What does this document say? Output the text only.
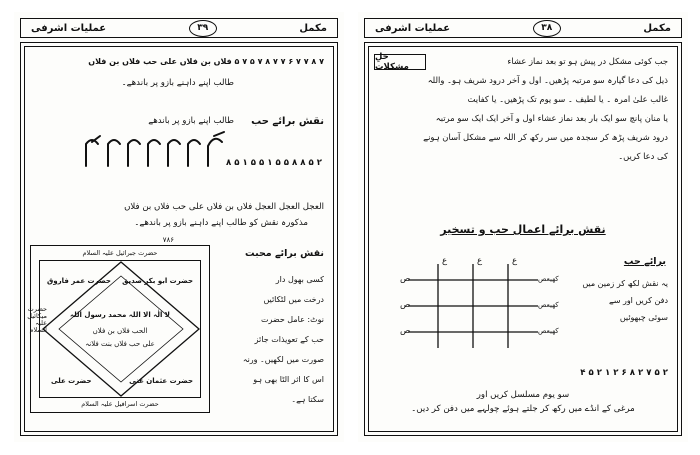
عملیات اشرفی	۳۹	مکمل
۷ ۸ ۷ ۷ ۶ ۷ ۷ ۸ ۷ ۵ ۷ ۵ فلاں بن فلاں علی حب فلاں بن فلاں
طالب اپنے داہنے بازو پر باندھے۔
نقش برائے حب
طالب اپنے بازو پر باندھے
۲ ۵ ۸ ۸ ۵ ۵ ۱ ۵ ۵ ۱ ۵ ۸
العجل العجل العجل فلاں بن فلاں علی حب فلاں بن فلاں
مذکورہ نقش کو طالب اپنے داہنے بازو پر باندھے۔
۷۸۶
حضرت جبرائیل علیہ السلام
حضرت اسرافیل علیہ السلام
حضرت ابو بکر صدیق
حضرت عمر فاروق
حضرت عثمان غنی
حضرت علی
حضرت میکائیل علیہ السلام
لا الٰہ الا اللہ محمد رسول اللہ
الحب فلاں بن فلاں
علی حب فلاں بنت فلانہ
نقش برائے محبت
کسی بھول دار
درخت میں لٹکائیں
نوٹ: عامل حضرت
حب کے تعویذات جائز
صورت میں لکھیں۔ ورنہ
اس کا اثر الٹا بھی ہو
سکتا ہے۔
عملیات اشرفی	۳۸	مکمل
حلِ مشکلات
نقش برائے اعمال حب و تسخیر
ص
ص
ص
ع	ع	ع
کھیعص
کھیعص
کھیعص
برائے حب
۲ ۵ ۷ ۲ ۸ ۶ ۲ ۱ ۲ ۵ ۴
سو یوم مسلسل کریں اور
مرغی کے انڈے میں رکھ کر جلتے ہوئے چولہے میں دفن کر دیں۔
جب کوئی مشکل در پیش ہو تو بعد نماز عشاء
ذیل کی دعا گیارہ سو مرتبہ پڑھیں۔ اول و آخر درود شریف ہو۔ واللہ
غالب علیٰ امرہ ۔ یا لطیف ۔ سو یوم تک پڑھیں۔ یا کفایت
یا منان پانچ سو ایک بار بعد نماز عشاء اول و آخر ایک ایک سو مرتبہ
درود شریف پڑھ کر سجدہ میں سر رکھ کر اللہ سے مشکل آسان ہونے
کی دعا کریں۔
یہ نقش لکھ کر زمین میں
دفن کریں اور سے
سوئی چبھوئیں
